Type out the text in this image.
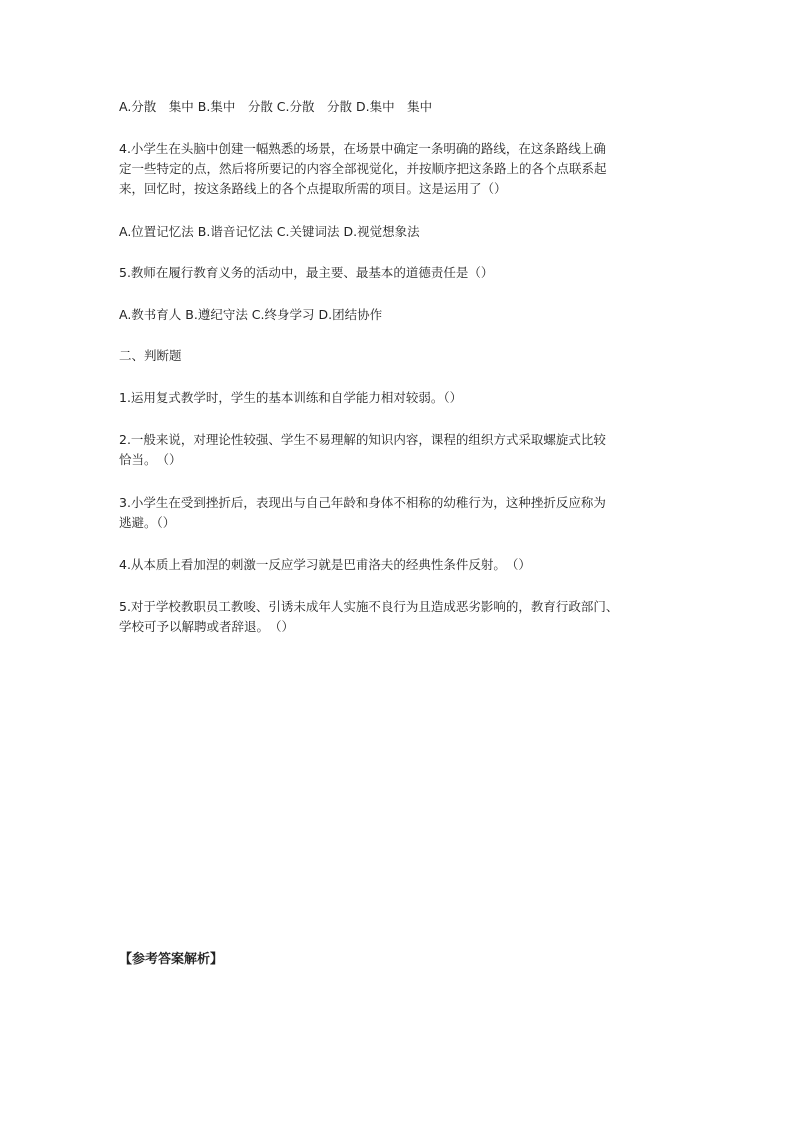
A.分散　集中 B.集中　分散 C.分散　分散 D.集中　集中
4.小学生在头脑中创建一幅熟悉的场景，在场景中确定一条明确的路线，在这条路线上确
定一些特定的点，然后将所要记的内容全部视觉化，并按顺序把这条路上的各个点联系起
来，回忆时，按这条路线上的各个点提取所需的项目。这是运用了（）
A.位置记忆法 B.谐音记忆法 C.关键词法 D.视觉想象法
5.教师在履行教育义务的活动中，最主要、最基本的道德责任是（）
A.教书育人 B.遵纪守法 C.终身学习 D.团结协作
二、判断题
1.运用复式教学时，学生的基本训练和自学能力相对较弱。（）
2.一般来说，对理论性较强、学生不易理解的知识内容，课程的组织方式采取螺旋式比较
恰当。　（）
3.小学生在受到挫折后，表现出与自己年龄和身体不相称的幼稚行为，这种挫折反应称为
逃避。（）
4.从本质上看加涅的刺激一反应学习就是巴甫洛夫的经典性条件反射。　（）
5.对于学校教职员工教唆、引诱未成年人实施不良行为且造成恶劣影响的，教育行政部门、
学校可予以解聘或者辞退。　（）
【参考答案解析】
